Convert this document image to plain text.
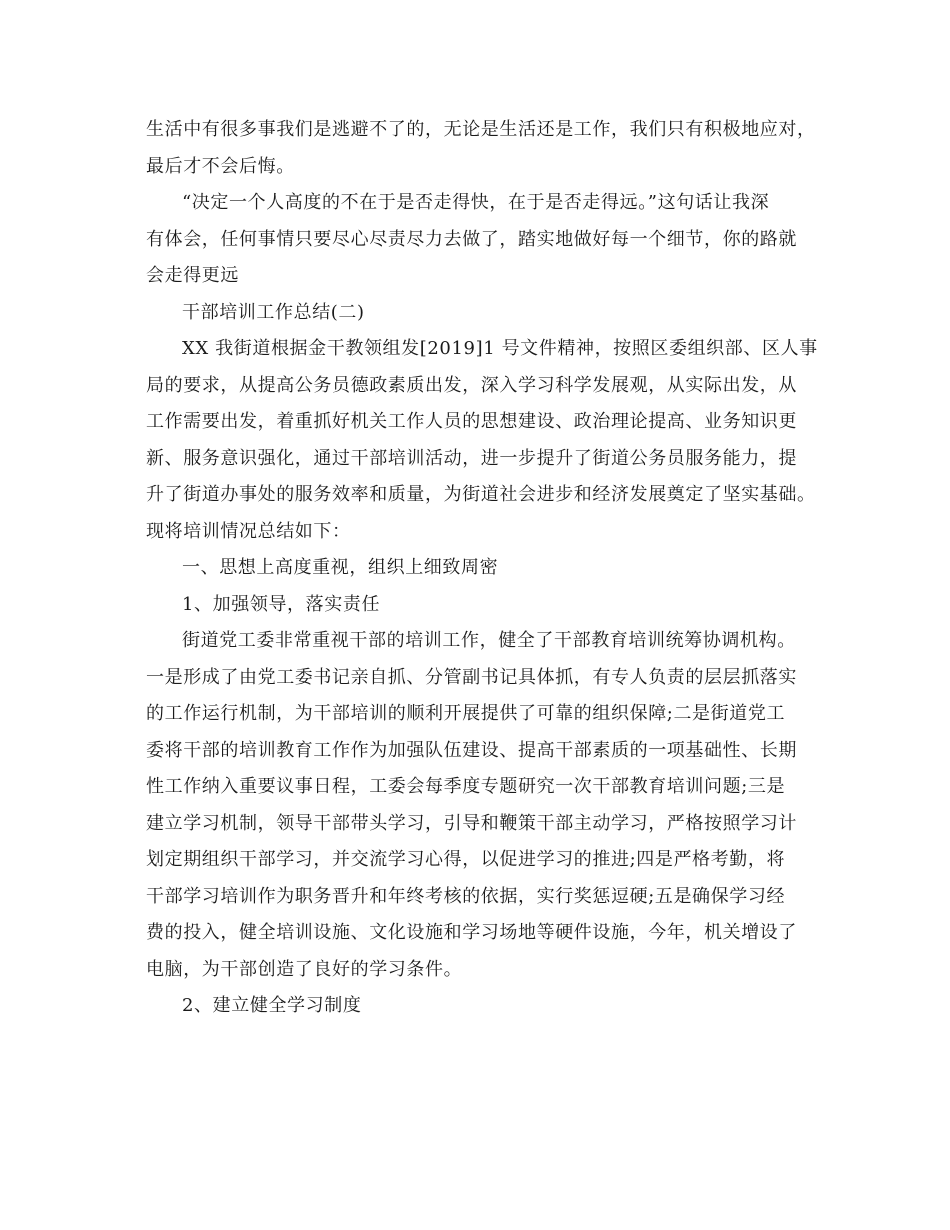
生活中有很多事我们是逃避不了的，无论是生活还是工作，我们只有积极地应对，
最后才不会后悔。
“决定一个人高度的不在于是否走得快，在于是否走得远。”这句话让我深
有体会，任何事情只要尽心尽责尽力去做了，踏实地做好每一个细节，你的路就
会走得更远
干部培训工作总结(二)
XX 我街道根据金干教领组发[2019]1 号文件精神，按照区委组织部、区人事
局的要求，从提高公务员德政素质出发，深入学习科学发展观，从实际出发，从
工作需要出发，着重抓好机关工作人员的思想建设、政治理论提高、业务知识更
新、服务意识强化，通过干部培训活动，进一步提升了街道公务员服务能力，提
升了街道办事处的服务效率和质量，为街道社会进步和经济发展奠定了坚实基础。
现将培训情况总结如下：
一、思想上高度重视，组织上细致周密
1、加强领导，落实责任
街道党工委非常重视干部的培训工作，健全了干部教育培训统筹协调机构。
一是形成了由党工委书记亲自抓、分管副书记具体抓，有专人负责的层层抓落实
的工作运行机制，为干部培训的顺利开展提供了可靠的组织保障;二是街道党工
委将干部的培训教育工作作为加强队伍建设、提高干部素质的一项基础性、长期
性工作纳入重要议事日程，工委会每季度专题研究一次干部教育培训问题;三是
建立学习机制，领导干部带头学习，引导和鞭策干部主动学习，严格按照学习计
划定期组织干部学习，并交流学习心得，以促进学习的推进;四是严格考勤，将
干部学习培训作为职务晋升和年终考核的依据，实行奖惩逗硬;五是确保学习经
费的投入，健全培训设施、文化设施和学习场地等硬件设施，今年，机关增设了
电脑，为干部创造了良好的学习条件。
2、建立健全学习制度
